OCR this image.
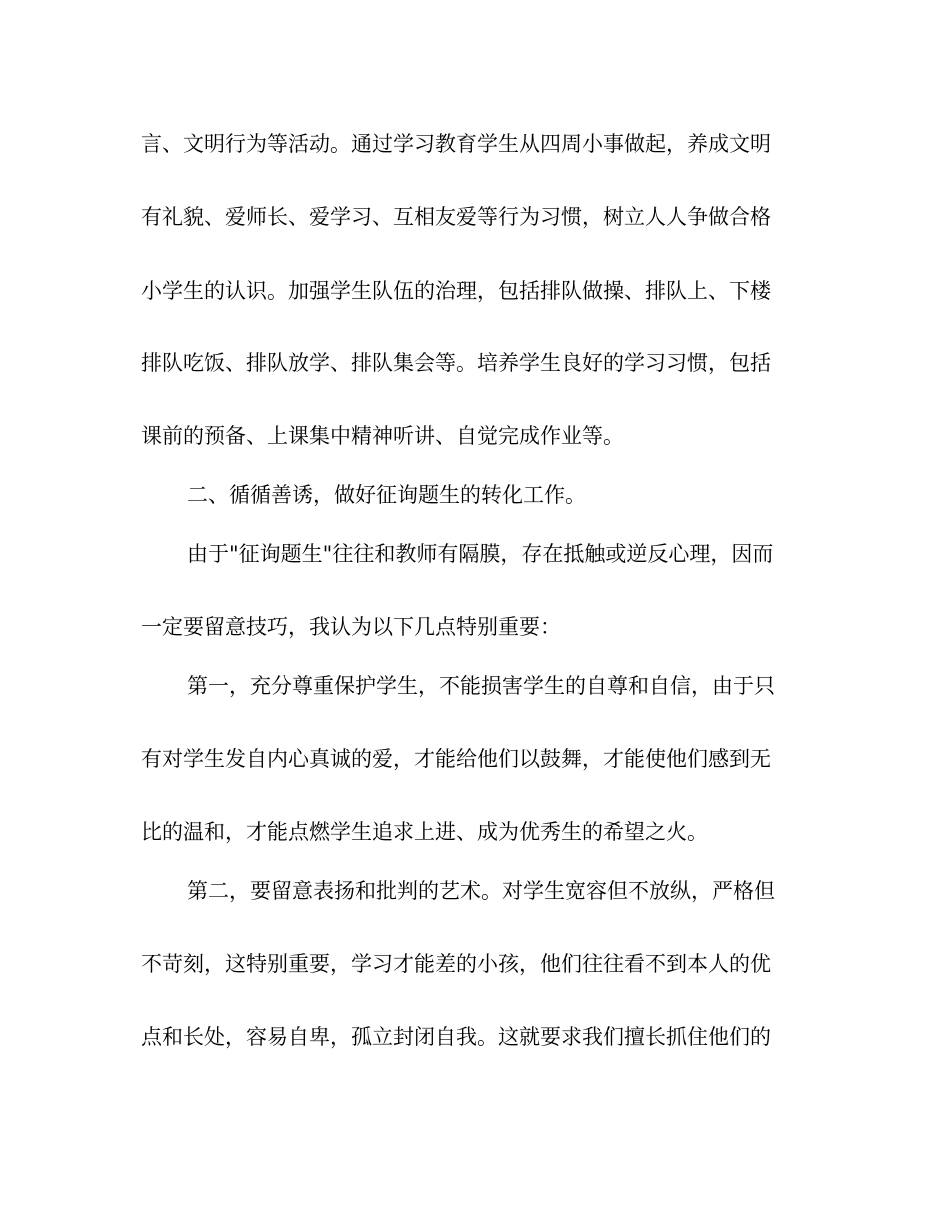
言、文明行为等活动。通过学习教育学生从四周小事做起，养成文明
有礼貌、爱师长、爱学习、互相友爱等行为习惯，树立人人争做合格
小学生的认识。加强学生队伍的治理，包括排队做操、排队上、下楼
排队吃饭、排队放学、排队集会等。培养学生良好的学习习惯，包括
课前的预备、上课集中精神听讲、自觉完成作业等。
二、循循善诱，做好征询题生的转化工作。
由于"征询题生"往往和教师有隔膜，存在抵触或逆反心理，因而
一定要留意技巧，我认为以下几点特别重要：
第一，充分尊重保护学生，不能损害学生的自尊和自信，由于只
有对学生发自内心真诚的爱，才能给他们以鼓舞，才能使他们感到无
比的温和，才能点燃学生追求上进、成为优秀生的希望之火。
第二，要留意表扬和批判的艺术。对学生宽容但不放纵，严格但
不苛刻，这特别重要，学习才能差的小孩，他们往往看不到本人的优
点和长处，容易自卑，孤立封闭自我。这就要求我们擅长抓住他们的
